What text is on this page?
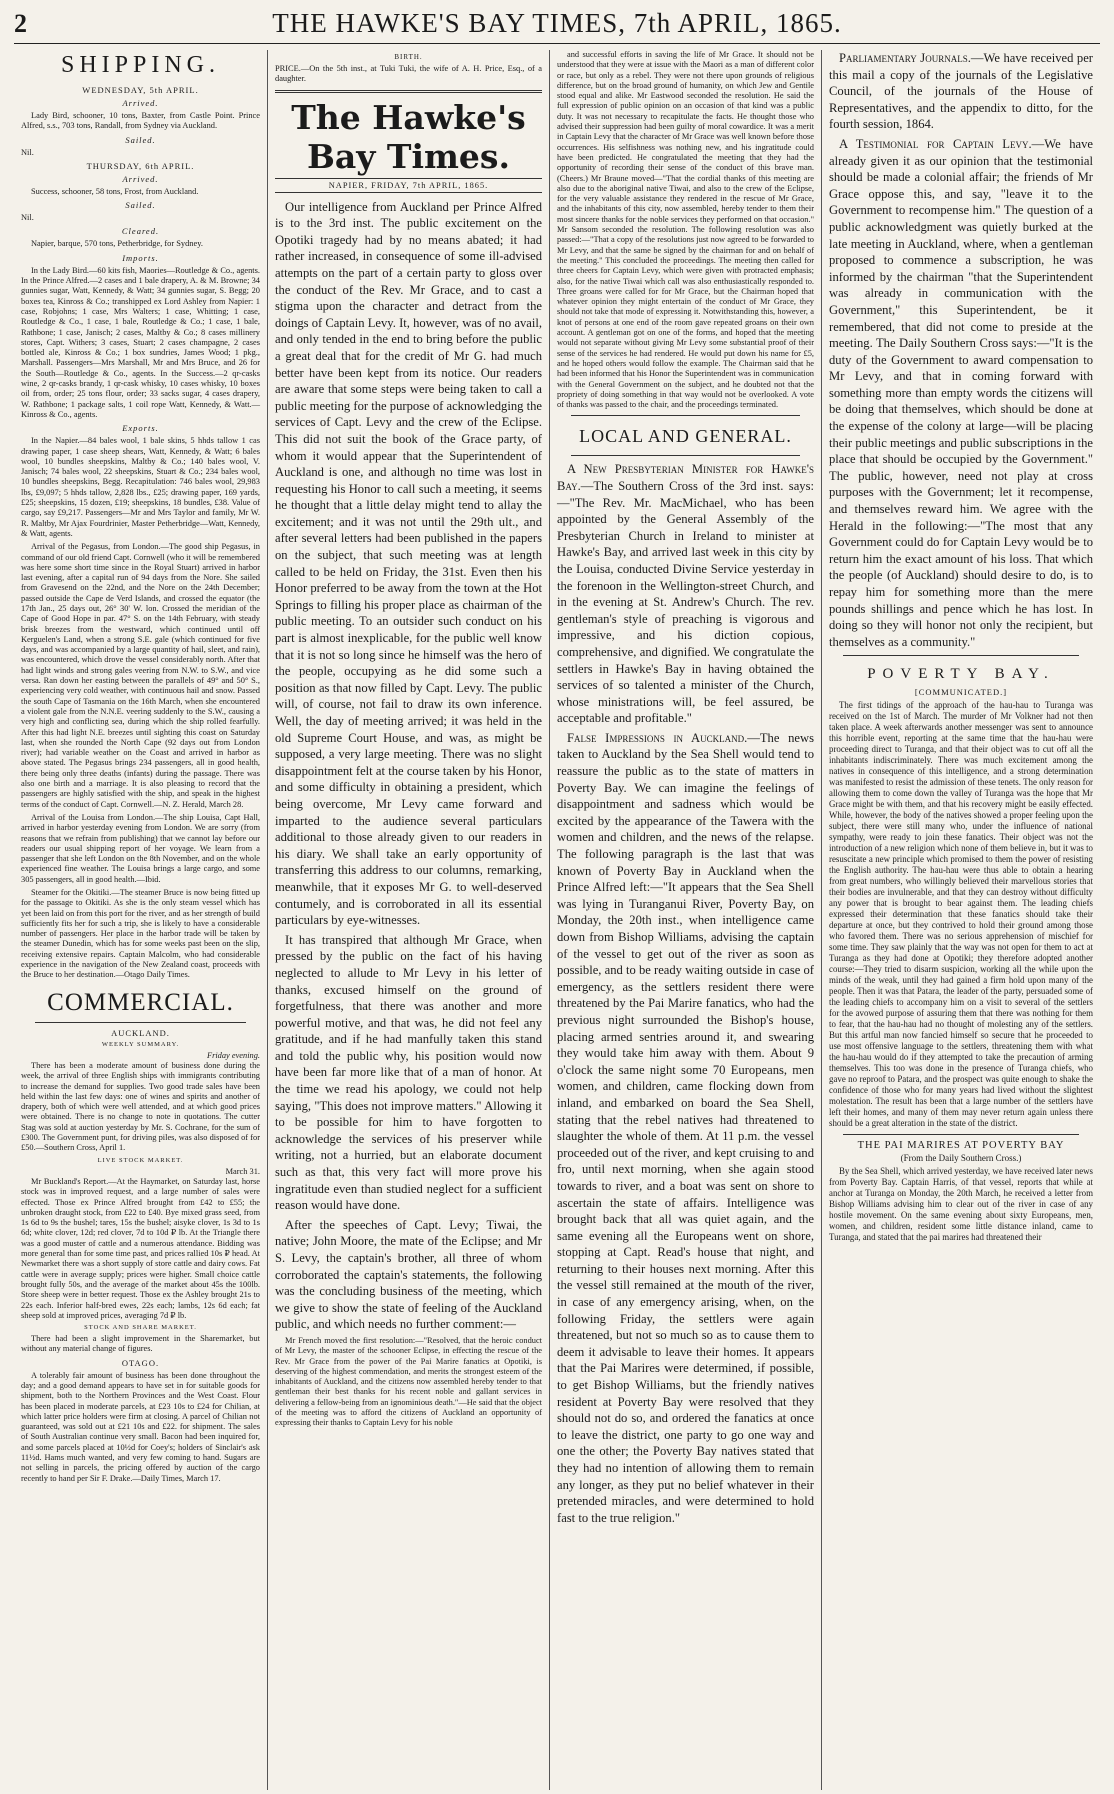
2	THE HAWKE'S BAY TIMES, 7th APRIL, 1865.
SHIPPING.
WEDNESDAY, 5th APRIL.
Arrived.

Lady Bird, schooner, 10 tons, Baxter, from Castle Point. Prince Alfred, s.s., 703 tons, Randall, from Sydney via Auckland.

Sailed.

Nil.

THURSDAY, 6th APRIL.
Arrived.

Success, schooner, 58 tons, Frost, from Auckland.

Sailed.

Nil.

Cleared.

Napier, barque, 570 tons, Petherbridge, for Sydney.

Imports.

In the Lady Bird.—60 kits fish, Maories—Routledge & Co., agents. In the Prince Alfred.—2 cases and 1 bale drapery, A. & M. Browne; 34 gunnies sugar, Watt, Kennedy, & Watt; 34 gunnies sugar, S. Begg; 20 boxes tea, Kinross & Co.; transhipped ex Lord Ashley from Napier: 1 case, Robjohns; 1 case, Mrs Walters; 1 case, Whitting; 1 case, Routledge & Co., 1 case, 1 bale, Routledge & Co.; 1 case, 1 bale, Rathbone; 1 case, Janisch; 2 cases, Maltby & Co.; 8 cases millinery stores, Capt. Withers; 3 cases, Stuart; 2 cases champagne, 2 cases bottled ale, Kinross & Co.; 1 box sundries, James Wood; 1 pkg., Marshall. Passengers—Mrs Marshall, Mr and Mrs Bruce, and 26 for the South—Routledge & Co., agents. In the Success.—2 qr-casks wine, 2 qr-casks brandy, 1 qr-cask whisky, 10 cases whisky, 10 boxes oil from, order; 25 tons flour, order; 33 sacks sugar, 4 cases drapery, W. Rathbone; 1 package salts, 1 coil rope Watt, Kennedy, & Watt.—Kinross & Co., agents.

Exports.

In the Napier.—84 bales wool, 1 bale skins, 5 hhds tallow 1 cas drawing paper, 1 case sheep shears, Watt, Kennedy, & Watt; 6 bales wool, 10 bundles sheepskins, Maltby & Co.; 140 bales wool, V. Janisch; 74 bales wool, 22 sheepskins, Stuart & Co.; 234 bales wool, 10 bundles sheepskins, Begg. Recapitulation: 746 bales wool, 29,983 lbs, £9,097; 5 hhds tallow, 2,828 lbs., £25; drawing paper, 169 yards, £25; sheepskins, 15 dozen, £19; sheepskins, 18 bundles, £38. Value of cargo, say £9,217. Passengers—Mr and Mrs Taylor and family, Mr W. R. Maltby, Mr Ajax Fourdrinier, Master Petherbridge—Watt, Kennedy, & Watt, agents.

Arrival of the Pegasus, from London.—The good ship Pegasus, in command of our old friend Capt. Cornwell (who it will be remembered was here some short time since in the Royal Stuart) arrived in harbor last evening, after a capital run of 94 days from the Nore. She sailed from Gravesend on the 22nd, and the Nore on the 24th December; passed outside the Cape de Verd Islands, and crossed the equator (the 17th Jan., 25 days out, 26° 30' W. lon. Crossed the meridian of the Cape of Good Hope in par. 47° S. on the 14th February, with steady brisk breezes from the westward, which continued until off Kerguelen's Land, when a strong S.E. gale (which continued for five days, and was accompanied by a large quantity of hail, sleet, and rain), was encountered, which drove the vessel considerably north. After that had light winds and strong gales veering from N.W. to S.W., and vice versa. Ran down her easting between the parallels of 49° and 50° S., experiencing very cold weather, with continuous hail and snow. Passed the south Cape of Tasmania on the 16th March, when she encountered a violent gale from the N.N.E. veering suddenly to the S.W., causing a very high and conflicting sea, during which the ship rolled fearfully. After this had light N.E. breezes until sighting this coast on Saturday last, when she rounded the North Cape (92 days out from London river); had variable weather on the Coast and arrived in harbor as above stated. The Pegasus brings 234 passengers, all in good health, there being only three deaths (infants) during the passage. There was also one birth and a marriage. It is also pleasing to record that the passengers are highly satisfied with the ship, and speak in the highest terms of the conduct of Capt. Cornwell.—N. Z. Herald, March 28.

Arrival of the Louisa from London.—The ship Louisa, Capt Hall, arrived in harbor yesterday evening from London. We are sorry (from reasons that we refrain from publishing) that we cannot lay before our readers our usual shipping report of her voyage. We learn from a passenger that she left London on the 8th November, and on the whole experienced fine weather. The Louisa brings a large cargo, and some 305 passengers, all in good health.—Ibid.

Steamer for the Okitiki.—The steamer Bruce is now being fitted up for the passage to Okitiki. As she is the only steam vessel which has yet been laid on from this port for the river, and as her strength of build sufficiently fits her for such a trip, she is likely to have a considerable number of passengers. Her place in the harbor trade will be taken by the steamer Dunedin, which has for some weeks past been on the slip, receiving extensive repairs. Captain Malcolm, who had considerable experience in the navigation of the New Zealand coast, proceeds with the Bruce to her destination.—Otago Daily Times.

COMMERCIAL.
AUCKLAND.
WEEKLY SUMMARY.
Friday evening.

There has been a moderate amount of business done during the week, the arrival of three English ships with immigrants contributing to increase the demand for supplies. Two good trade sales have been held within the last few days: one of wines and spirits and another of drapery, both of which were well attended, and at which good prices were obtained. There is no change to note in quotations. The cutter Stag was sold at auction yesterday by Mr. S. Cochrane, for the sum of £300. The Government punt, for driving piles, was also disposed of for £50.—Southern Cross, April 1.

LIVE STOCK MARKET.
March 31.

Mr Buckland's Report.—At the Haymarket, on Saturday last, horse stock was in improved request, and a large number of sales were effected. Those ex Prince Alfred brought from £42 to £55; the unbroken draught stock, from £22 to £40. Bye mixed grass seed, from 1s 6d to 9s the bushel; tares, 15s the bushel; aisyke clover, 1s 3d to 1s 6d; white clover, 12d; red clover, 7d to 10d ₽ lb. At the Triangle there was a good muster of cattle and a numerous attendance. Bidding was more general than for some time past, and prices rallied 10s ₽ head. At Newmarket there was a short supply of store cattle and dairy cows. Fat cattle were in average supply; prices were higher. Small choice cattle brought fully 50s, and the average of the market about 45s the 100lb. Store sheep were in better request. Those ex the Ashley brought 21s to 22s each. Inferior half-bred ewes, 22s each; lambs, 12s 6d each; fat sheep sold at improved prices, averaging 7d ₽ lb.

STOCK AND SHARE MARKET.

There had been a slight improvement in the Sharemarket, but without any material change of figures.

OTAGO.

A tolerably fair amount of business has been done throughout the day; and a good demand appears to have set in for suitable goods for shipment, both to the Northern Provinces and the West Coast. Flour has been placed in moderate parcels, at £23 10s to £24 for Chilian, at which latter price holders were firm at closing. A parcel of Chilian not guaranteed, was sold out at £21 10s and £22. for shipment. The sales of South Australian continue very small. Bacon had been inquired for, and some parcels placed at 10½d for Coey's; holders of Sinclair's ask 11½d. Hams much wanted, and very few coming to hand. Sugars are not selling in parcels, the pricing offered by auction of the cargo recently to hand per Sir F. Drake.—Daily Times, March 17.

BIRTH.

PRICE.—On the 5th inst., at Tuki Tuki, the wife of A. H. Price, Esq., of a daughter.

The Hawke's Bay Times.
NAPIER, FRIDAY, 7th APRIL, 1865.

Our intelligence from Auckland per Prince Alfred is to the 3rd inst. The public excitement on the Opotiki tragedy had by no means abated; it had rather increased, in consequence of some ill-advised attempts on the part of a certain party to gloss over the conduct of the Rev. Mr Grace, and to cast a stigma upon the character and detract from the doings of Captain Levy. It, however, was of no avail, and only tended in the end to bring before the public a great deal that for the credit of Mr G. had much better have been kept from its notice. Our readers are aware that some steps were being taken to call a public meeting for the purpose of acknowledging the services of Capt. Levy and the crew of the Eclipse. This did not suit the book of the Grace party, of whom it would appear that the Superintendent of Auckland is one, and although no time was lost in requesting his Honor to call such a meeting, it seems he thought that a little delay might tend to allay the excitement; and it was not until the 29th ult., and after several letters had been published in the papers on the subject, that such meeting was at length called to be held on Friday, the 31st. Even then his Honor preferred to be away from the town at the Hot Springs to filling his proper place as chairman of the public meeting. To an outsider such conduct on his part is almost inexplicable, for the public well know that it is not so long since he himself was the hero of the people, occupying as he did some such a position as that now filled by Capt. Levy. The public will, of course, not fail to draw its own inference. Well, the day of meeting arrived; it was held in the old Supreme Court House, and was, as might be supposed, a very large meeting. There was no slight disappointment felt at the course taken by his Honor, and some difficulty in obtaining a president, which being overcome, Mr Levy came forward and imparted to the audience several particulars additional to those already given to our readers in his diary. We shall take an early opportunity of transferring this address to our columns, remarking, meanwhile, that it exposes Mr G. to well-deserved contumely, and is corroborated in all its essential particulars by eye-witnesses.

It has transpired that although Mr Grace, when pressed by the public on the fact of his having neglected to allude to Mr Levy in his letter of thanks, excused himself on the ground of forgetfulness, that there was another and more powerful motive, and that was, he did not feel any gratitude, and if he had manfully taken this stand and told the public why, his position would now have been far more like that of a man of honor. At the time we read his apology, we could not help saying, "This does not improve matters." Allowing it to be possible for him to have forgotten to acknowledge the services of his preserver while writing, not a hurried, but an elaborate document such as that, this very fact will more prove his ingratitude even than studied neglect for a sufficient reason would have done.

After the speeches of Capt. Levy; Tiwai, the native; John Moore, the mate of the Eclipse; and Mr S. Levy, the captain's brother, all three of whom corroborated the captain's statements, the following was the concluding business of the meeting, which we give to show the state of feeling of the Auckland public, and which needs no further comment:—

Mr French moved the first resolution:—"Resolved, that the heroic conduct of Mr Levy, the master of the schooner Eclipse, in effecting the rescue of the Rev. Mr Grace from the power of the Pai Marire fanatics at Opotiki, is deserving of the highest commendation, and merits the strongest esteem of the inhabitants of Auckland, and the citizens now assembled hereby tender to that gentleman their best thanks for his recent noble and gallant services in delivering a fellow-being from an ignominious death."—He said that the object of the meeting was to afford the citizens of Auckland an opportunity of expressing their thanks to Captain Levy for his noble

and successful efforts in saving the life of Mr Grace. It should not be understood that they were at issue with the Maori as a man of different color or race, but only as a rebel. They were not there upon grounds of religious difference, but on the broad ground of humanity, on which Jew and Gentile stood equal and alike. Mr Eastwood seconded the resolution. He said the full expression of public opinion on an occasion of that kind was a public duty. It was not necessary to recapitulate the facts. He thought those who advised their suppression had been guilty of moral cowardice. It was a merit in Captain Levy that the character of Mr Grace was well known before those occurrences. His selfishness was nothing new, and his ingratitude could have been predicted. He congratulated the meeting that they had the opportunity of recording their sense of the conduct of this brave man. (Cheers.) Mr Braune moved—"That the cordial thanks of this meeting are also due to the aboriginal native Tiwai, and also to the crew of the Eclipse, for the very valuable assistance they rendered in the rescue of Mr Grace, and the inhabitants of this city, now assembled, hereby tender to them their most sincere thanks for the noble services they performed on that occasion." Mr Sansom seconded the resolution. The following resolution was also passed:—"That a copy of the resolutions just now agreed to be forwarded to Mr Levy, and that the same be signed by the chairman for and on behalf of the meeting." This concluded the proceedings. The meeting then called for three cheers for Captain Levy, which were given with protracted emphasis; also, for the native Tiwai which call was also enthusiastically responded to. Three groans were called for for Mr Grace, but the Chairman hoped that whatever opinion they might entertain of the conduct of Mr Grace, they should not take that mode of expressing it. Notwithstanding this, however, a knot of persons at one end of the room gave repeated groans on their own account. A gentleman got on one of the forms, and hoped that the meeting would not separate without giving Mr Levy some substantial proof of their sense of the services he had rendered. He would put down his name for £5, and he hoped others would follow the example. The Chairman said that he had been informed that his Honor the Superintendent was in communication with the General Government on the subject, and he doubted not that the propriety of doing something in that way would not be overlooked. A vote of thanks was passed to the chair, and the proceedings terminated.

LOCAL AND GENERAL.

A New Presbyterian Minister for Hawke's Bay.—The Southern Cross of the 3rd inst. says:—"The Rev. Mr. MacMichael, who has been appointed by the General Assembly of the Presbyterian Church in Ireland to minister at Hawke's Bay, and arrived last week in this city by the Louisa, conducted Divine Service yesterday in the forenoon in the Wellington-street Church, and in the evening at St. Andrew's Church. The rev. gentleman's style of preaching is vigorous and impressive, and his diction copious, comprehensive, and dignified. We congratulate the settlers in Hawke's Bay in having obtained the services of so talented a minister of the Church, whose ministrations will, be feel assured, be acceptable and profitable."

False Impressions in Auckland.—The news taken to Auckland by the Sea Shell would tend to reassure the public as to the state of matters in Poverty Bay. We can imagine the feelings of disappointment and sadness which would be excited by the appearance of the Tawera with the women and children, and the news of the relapse. The following paragraph is the last that was known of Poverty Bay in Auckland when the Prince Alfred left:—"It appears that the Sea Shell was lying in Turanganui River, Poverty Bay, on Monday, the 20th inst., when intelligence came down from Bishop Williams, advising the captain of the vessel to get out of the river as soon as possible, and to be ready waiting outside in case of emergency, as the settlers resident there were threatened by the Pai Marire fanatics, who had the previous night surrounded the Bishop's house, placing armed sentries around it, and swearing they would take him away with them. About 9 o'clock the same night some 70 Europeans, men women, and children, came flocking down from inland, and embarked on board the Sea Shell, stating that the rebel natives had threatened to slaughter the whole of them. At 11 p.m. the vessel proceeded out of the river, and kept cruising to and fro, until next morning, when she again stood towards to river, and a boat was sent on shore to ascertain the state of affairs. Intelligence was brought back that all was quiet again, and the same evening all the Europeans went on shore, stopping at Capt. Read's house that night, and returning to their houses next morning. After this the vessel still remained at the mouth of the river, in case of any emergency arising, when, on the following Friday, the settlers were again threatened, but not so much so as to cause them to deem it advisable to leave their homes. It appears that the Pai Marires were determined, if possible, to get Bishop Williams, but the friendly natives resident at Poverty Bay were resolved that they should not do so, and ordered the fanatics at once to leave the district, one party to go one way and one the other; the Poverty Bay natives stated that they had no intention of allowing them to remain any longer, as they put no belief whatever in their pretended miracles, and were determined to hold fast to the true religion."

Parliamentary Journals.—We have received per this mail a copy of the journals of the Legislative Council, of the journals of the House of Representatives, and the appendix to ditto, for the fourth session, 1864.

A Testimonial for Captain Levy.—We have already given it as our opinion that the testimonial should be made a colonial affair; the friends of Mr Grace oppose this, and say, "leave it to the Government to recompense him." The question of a public acknowledgment was quietly burked at the late meeting in Auckland, where, when a gentleman proposed to commence a subscription, he was informed by the chairman "that the Superintendent was already in communication with the Government," this Superintendent, be it remembered, that did not come to preside at the meeting. The Daily Southern Cross says:—"It is the duty of the Government to award compensation to Mr Levy, and that in coming forward with something more than empty words the citizens will be doing that themselves, which should be done at the expense of the colony at large—will be placing their public meetings and public subscriptions in the place that should be occupied by the Government." The public, however, need not play at cross purposes with the Government; let it recompense, and themselves reward him. We agree with the Herald in the following:—"The most that any Government could do for Captain Levy would be to return him the exact amount of his loss. That which the people (of Auckland) should desire to do, is to repay him for something more than the mere pounds shillings and pence which he has lost. In doing so they will honor not only the recipient, but themselves as a community."

POVERTY BAY.
[COMMUNICATED.]

The first tidings of the approach of the hau-hau to Turanga was received on the 1st of March. The murder of Mr Volkner had not then taken place. A week afterwards another messenger was sent to announce this horrible event, reporting at the same time that the hau-hau were proceeding direct to Turanga, and that their object was to cut off all the inhabitants indiscriminately. There was much excitement among the natives in consequence of this intelligence, and a strong determination was manifested to resist the admission of these tenets. The only reason for allowing them to come down the valley of Turanga was the hope that Mr Grace might be with them, and that his recovery might be easily effected. While, however, the body of the natives showed a proper feeling upon the subject, there were still many who, under the influence of national sympathy, were ready to join these fanatics. Their object was not the introduction of a new religion which none of them believe in, but it was to resuscitate a new principle which promised to them the power of resisting the English authority. The hau-hau were thus able to obtain a hearing from great numbers, who willingly believed their marvellous stories that their bodies are invulnerable, and that they can destroy without difficulty any power that is brought to bear against them. The leading chiefs expressed their determination that these fanatics should take their departure at once, but they contrived to hold their ground among those who favored them. There was no serious apprehension of mischief for some time. They saw plainly that the way was not open for them to act at Turanga as they had done at Opotiki; they therefore adopted another course:—They tried to disarm suspicion, working all the while upon the minds of the weak, until they had gained a firm hold upon many of the people. Then it was that Patara, the leader of the party, persuaded some of the leading chiefs to accompany him on a visit to several of the settlers for the avowed purpose of assuring them that there was nothing for them to fear, that the hau-hau had no thought of molesting any of the settlers. But this artful man now fancied himself so secure that he proceeded to use most offensive language to the settlers, threatening them with what the hau-hau would do if they attempted to take the precaution of arming themselves. This too was done in the presence of Turanga chiefs, who gave no reproof to Patara, and the prospect was quite enough to shake the confidence of those who for many years had lived without the slightest molestation. The result has been that a large number of the settlers have left their homes, and many of them may never return again unless there should be a great alteration in the state of the district.

THE PAI MARIRES AT POVERTY BAY
(From the Daily Southern Cross.)

By the Sea Shell, which arrived yesterday, we have received later news from Poverty Bay. Captain Harris, of that vessel, reports that while at anchor at Turanga on Monday, the 20th March, he received a letter from Bishop Williams advising him to clear out of the river in case of any hostile movement. On the same evening about sixty Europeans, men, women, and children, resident some little distance inland, came to Turanga, and stated that the pai marires had threatened their
